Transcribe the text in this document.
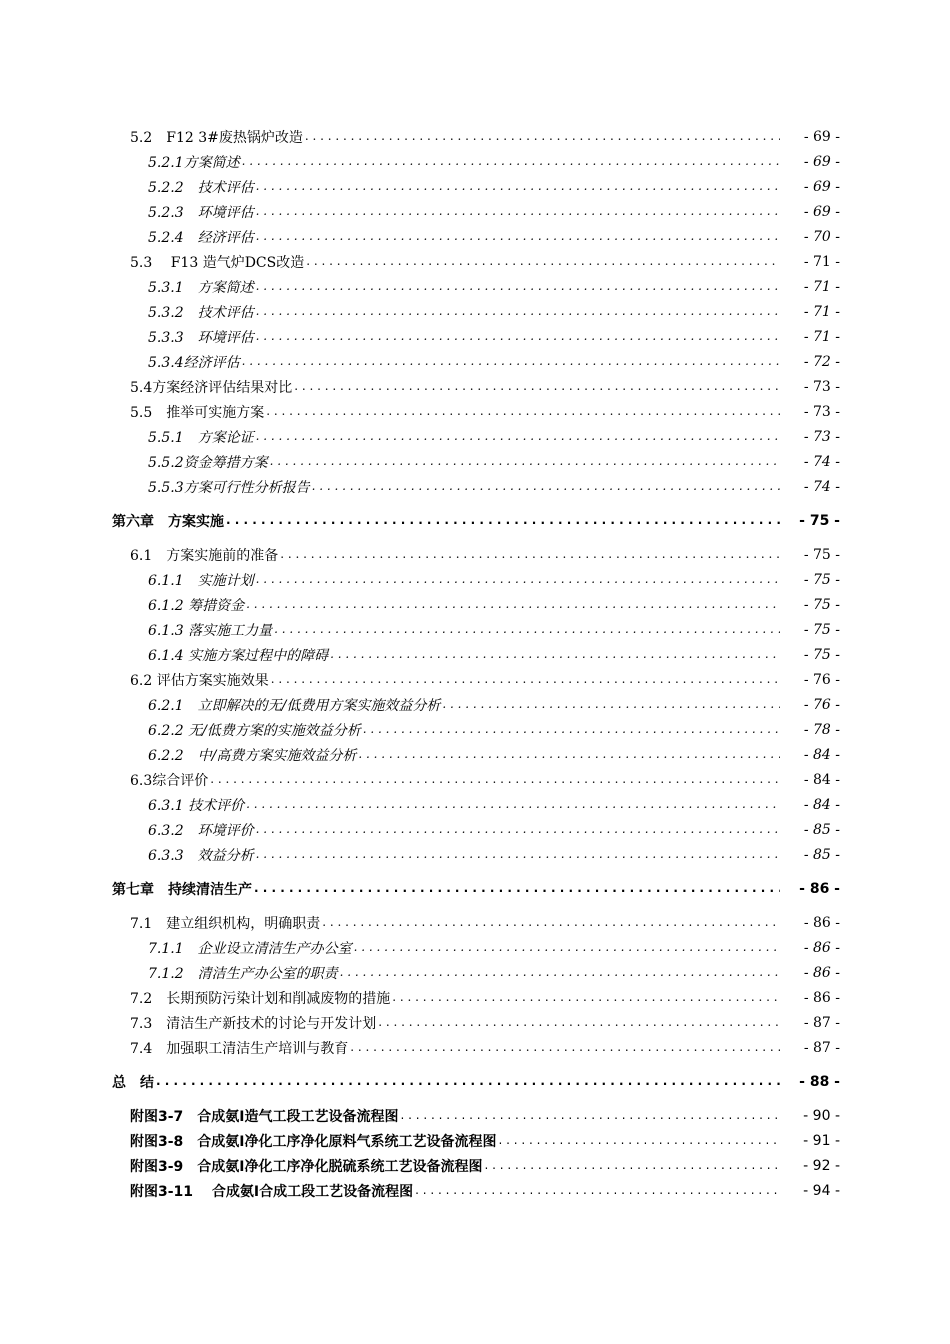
5.2　F12 3#废热锅炉改造 . . .	- 69 -
5.2.1方案简述 . . .	- 69 -
5.2.2　技术评估 . . .	- 69 -
5.2.3　环境评估 . . .	- 69 -
5.2.4　经济评估 . . .	- 70 -
5.3　 F13 造气炉DCS改造 . . .	- 71 -
5.3.1　方案简述 . . .	- 71 -
5.3.2　技术评估 . . .	- 71 -
5.3.3　环境评估 . . .	- 71 -
5.3.4经济评估 . . .	- 72 -
5.4方案经济评估结果对比 . . .	- 73 -
5.5　推举可实施方案 . . .	- 73 -
5.5.1　方案论证 . . .	- 73 -
5.5.2资金筹措方案 . . .	- 74 -
5.5.3方案可行性分析报告 . . .	- 74 -
第六章　方案实施 . . .	- 75 -
6.1　方案实施前的准备 . . .	- 75 -
6.1.1　实施计划 . . .	- 75 -
6.1.2 筹措资金 . . .	- 75 -
6.1.3 落实施工力量 . . .	- 75 -
6.1.4 实施方案过程中的障碍 . . .	- 75 -
6.2 评估方案实施效果 . . .	- 76 -
6.2.1　立即解决的无/低费用方案实施效益分析 . . .	- 76 -
6.2.2 无/低费方案的实施效益分析 . . .	- 78 -
6.2.2　中/高费方案实施效益分析 . . .	- 84 -
6.3综合评价 . . .	- 84 -
6.3.1 技术评价 . . .	- 84 -
6.3.2　环境评价 . . .	- 85 -
6.3.3　效益分析 . . .	- 85 -
第七章　持续清洁生产 . . .	- 86 -
7.1　建立组织机构，明确职责 . . .	- 86 -
7.1.1　企业设立清洁生产办公室 . . .	- 86 -
7.1.2　清洁生产办公室的职责 . . .	- 86 -
7.2　长期预防污染计划和削减废物的措施 . . .	- 86 -
7.3　清洁生产新技术的讨论与开发计划 . . .	- 87 -
7.4　加强职工清洁生产培训与教育 . . .	- 87 -
总　结 . . .	- 88 -
附图3-7　合成氨Ⅰ造气工段工艺设备流程图 . . .	- 90 -
附图3-8　合成氨Ⅰ净化工序净化原料气系统工艺设备流程图 . . .	- 91 -
附图3-9　合成氨Ⅰ净化工序净化脱硫系统工艺设备流程图 . . .	- 92 -
附图3-11　 合成氨Ⅰ合成工段工艺设备流程图 . . .	- 94 -
